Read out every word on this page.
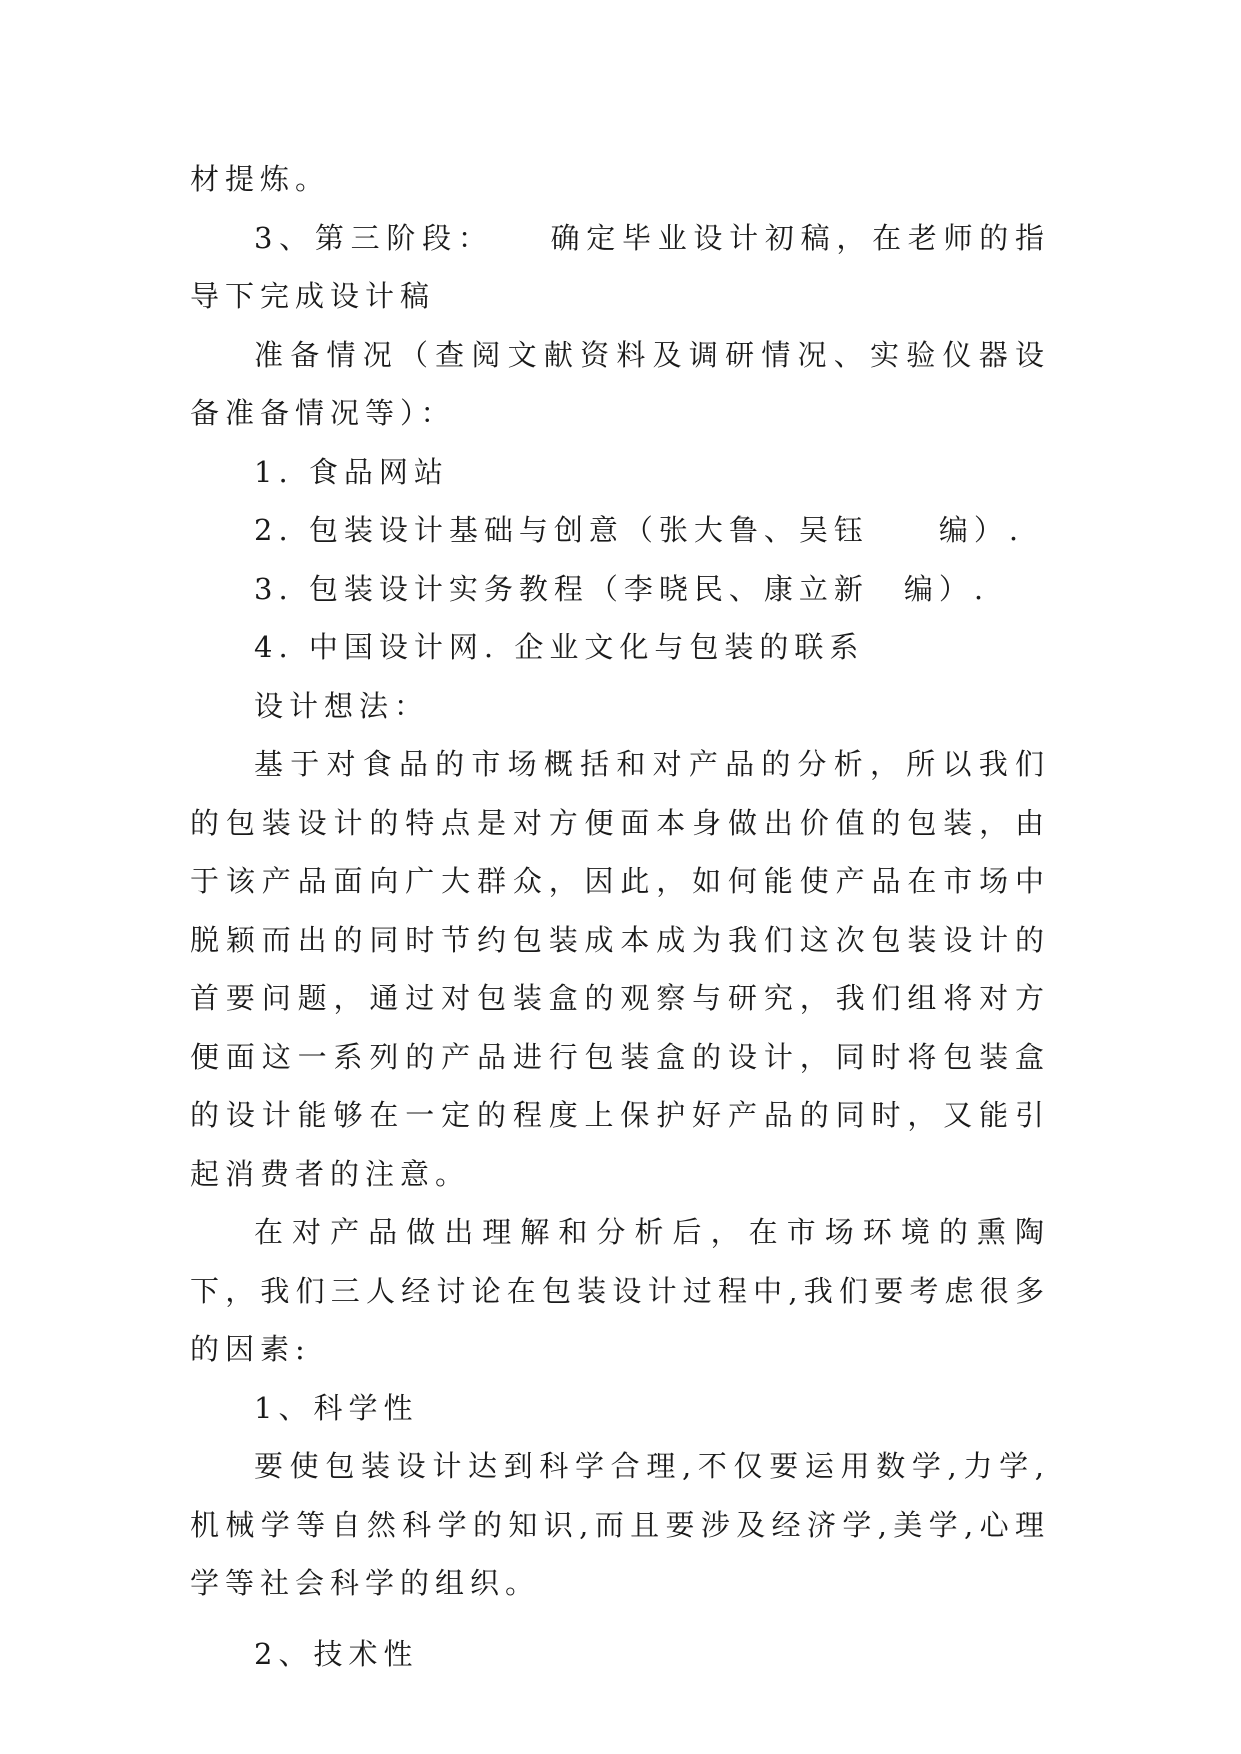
材提炼。

3、第三阶段：　　确定毕业设计初稿，在老师的指导下完成设计稿

准备情况（查阅文献资料及调研情况、实验仪器设备准备情况等）：

1. 食品网站

2. 包装设计基础与创意（张大鲁、吴钰　　编）.

3. 包装设计实务教程（李晓民、康立新　编）.

4. 中国设计网. 企业文化与包装的联系

设计想法：

基于对食品的市场概括和对产品的分析，所以我们的包装设计的特点是对方便面本身做出价值的包装，由于该产品面向广大群众，因此，如何能使产品在市场中脱颖而出的同时节约包装成本成为我们这次包装设计的首要问题，通过对包装盒的观察与研究，我们组将对方便面这一系列的产品进行包装盒的设计，同时将包装盒的设计能够在一定的程度上保护好产品的同时，又能引起消费者的注意。

在对产品做出理解和分析后，在市场环境的熏陶下，我们三人经讨论在包装设计过程中,我们要考虑很多的因素:

1、科学性

要使包装设计达到科学合理,不仅要运用数学,力学,机械学等自然科学的知识,而且要涉及经济学,美学,心理学等社会科学的组织。

2、技术性
